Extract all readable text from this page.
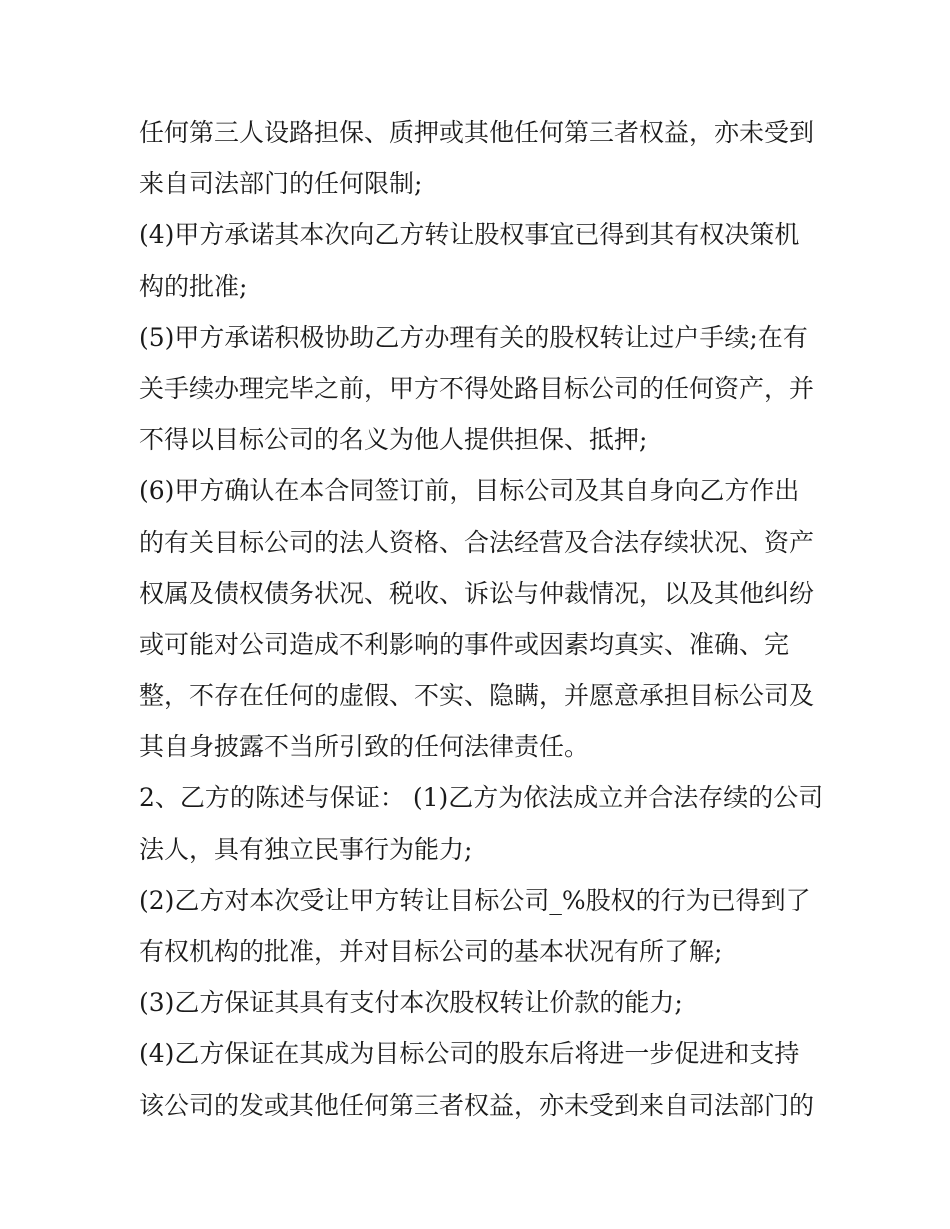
任何第三人设路担保、质押或其他任何第三者权益，亦未受到
来自司法部门的任何限制;
(4)甲方承诺其本次向乙方转让股权事宜已得到其有权决策机
构的批准;
(5)甲方承诺积极协助乙方办理有关的股权转让过户手续;在有
关手续办理完毕之前，甲方不得处路目标公司的任何资产，并
不得以目标公司的名义为他人提供担保、抵押;
(6)甲方确认在本合同签订前，目标公司及其自身向乙方作出
的有关目标公司的法人资格、合法经营及合法存续状况、资产
权属及债权债务状况、税收、诉讼与仲裁情况，以及其他纠纷
或可能对公司造成不利影响的事件或因素均真实、准确、完
整，不存在任何的虚假、不实、隐瞒，并愿意承担目标公司及
其自身披露不当所引致的任何法律责任。
2、乙方的陈述与保证： (1)乙方为依法成立并合法存续的公司
法人，具有独立民事行为能力;
(2)乙方对本次受让甲方转让目标公司_%股权的行为已得到了
有权机构的批准，并对目标公司的基本状况有所了解;
(3)乙方保证其具有支付本次股权转让价款的能力;
(4)乙方保证在其成为目标公司的股东后将进一步促进和支持
该公司的发或其他任何第三者权益，亦未受到来自司法部门的
